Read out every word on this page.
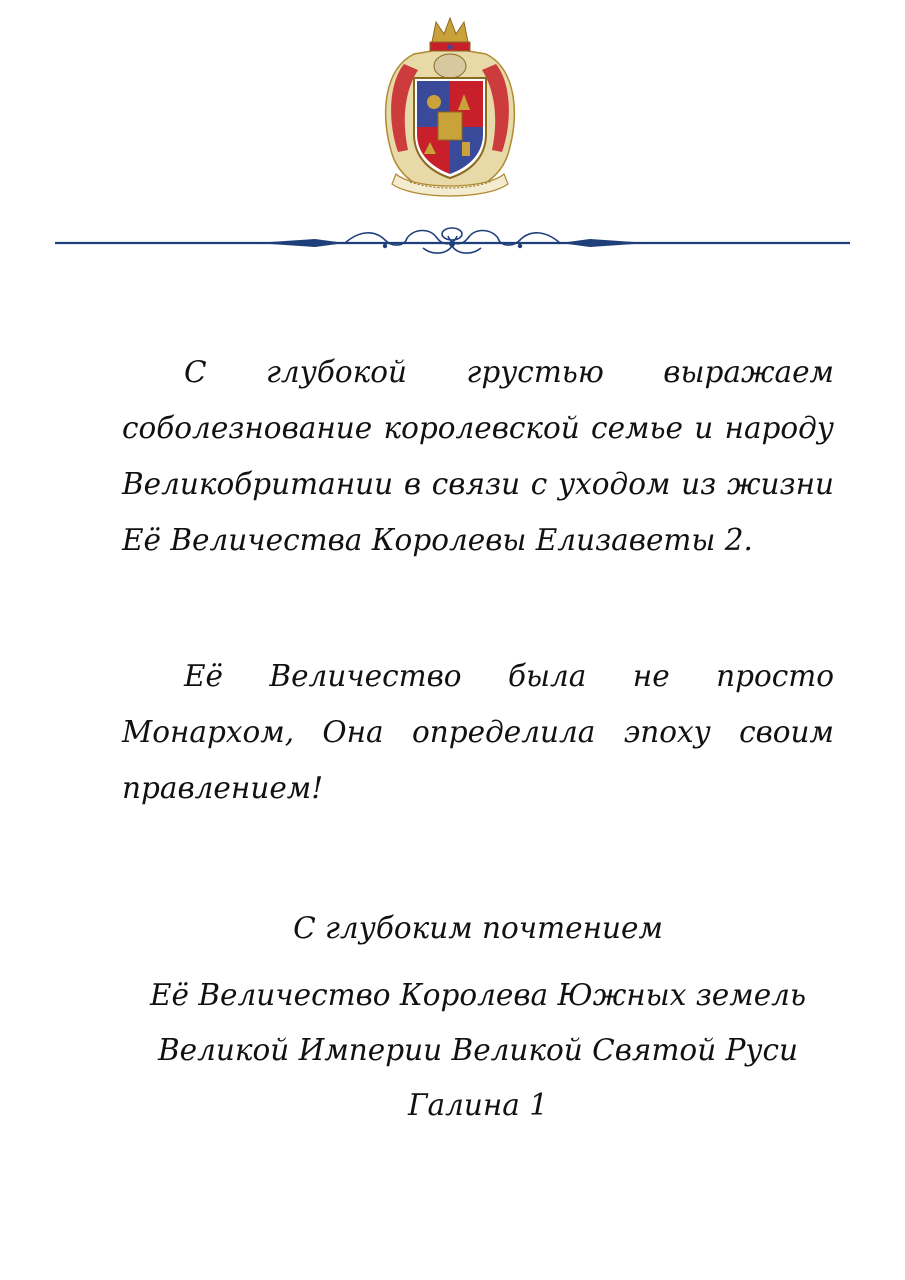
С глубокой грустью выражаем соболезнование королевской семье и народу Великобритании в связи с уходом из жизни Её Величества Королевы Елизаветы 2.

Её Величество была не просто Монархом, Она определила эпоху своим правлением!

С глубоким почтением

Её Величество Королева Южных земель
Великой Империи Великой Святой Руси
Галина 1
